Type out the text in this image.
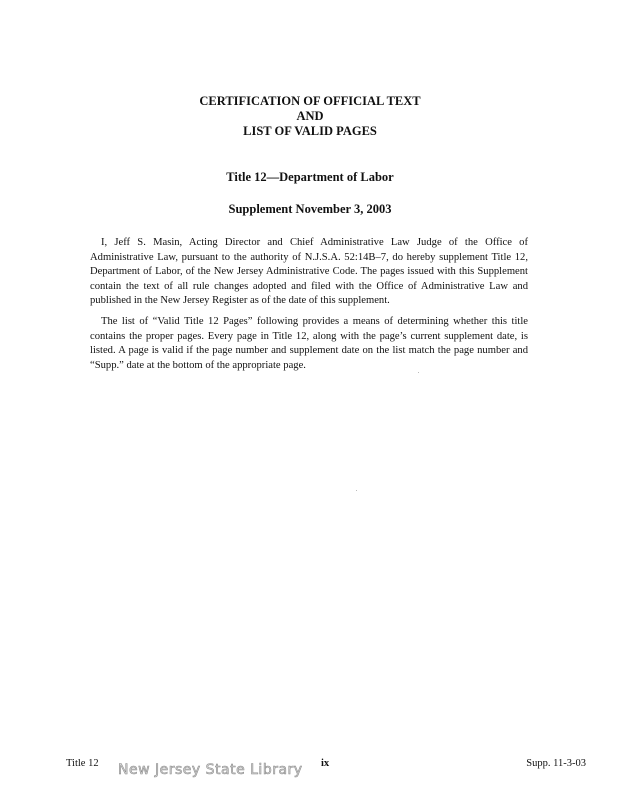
CERTIFICATION OF OFFICIAL TEXT
AND
LIST OF VALID PAGES
Title 12—Department of Labor
Supplement November 3, 2003

I, Jeff S. Masin, Acting Director and Chief Administrative Law Judge of the Office of Administrative Law, pursuant to the authority of N.J.S.A. 52:14B–7, do hereby supplement Title 12, Department of Labor, of the New Jersey Administrative Code. The pages issued with this Supplement contain the text of all rule changes adopted and filed with the Office of Administrative Law and published in the New Jersey Register as of the date of this supplement.

The list of “Valid Title 12 Pages” following provides a means of determining whether this title contains the proper pages. Every page in Title 12, along with the page’s current supplement date, is listed. A page is valid if the page number and supplement date on the list match the page number and “Supp.” date at the bottom of the appropriate page.

Title 12	ix	Supp. 11-3-03
New Jersey State Library
